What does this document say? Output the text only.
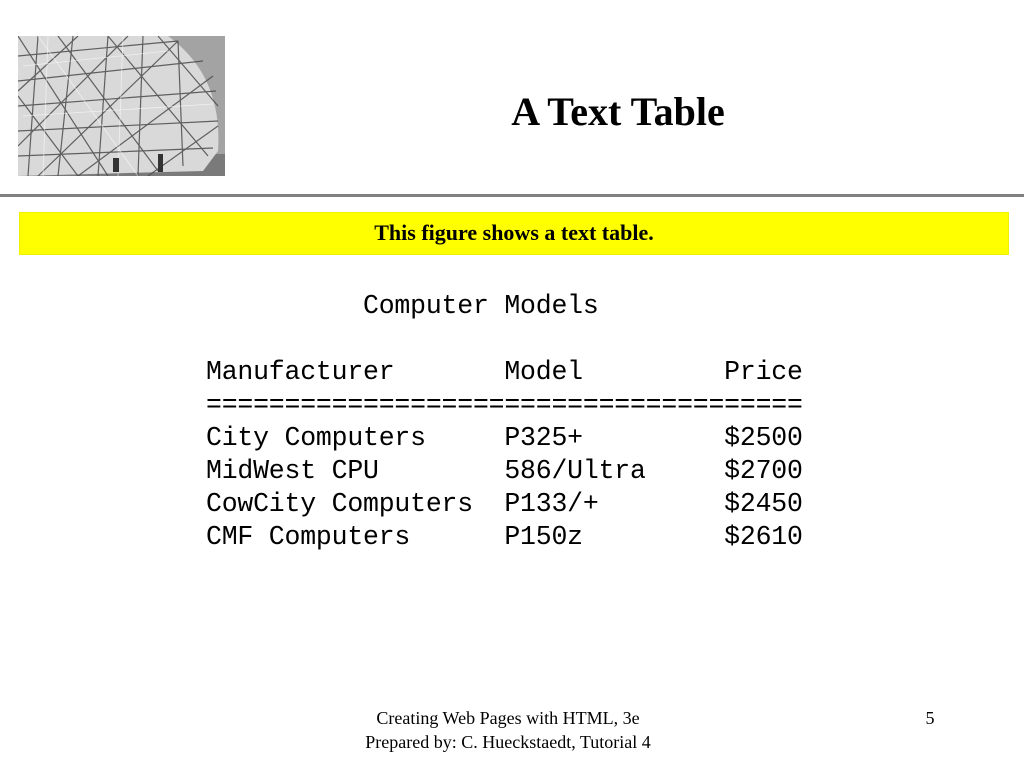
A Text Table
This figure shows a text table.
Computer Models

Manufacturer       Model         Price
======================================
City Computers     P325+         $2500
MidWest CPU        586/Ultra     $2700
CowCity Computers  P133/+        $2450
CMF Computers      P150z         $2610

Creating Web Pages with HTML, 3e
Prepared by: C. Hueckstaedt, Tutorial 4
5
